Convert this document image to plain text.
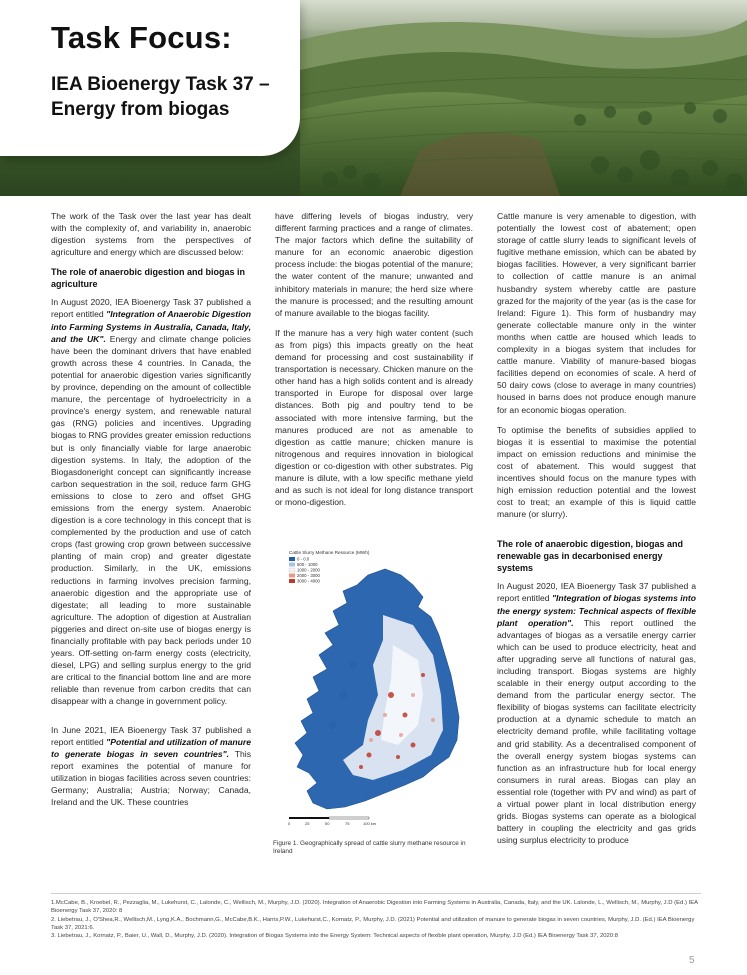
Task Focus:
IEA Bioenergy Task 37 – Energy from biogas

The work of the Task over the last year has dealt with the complexity of, and variability in, anaerobic digestion systems from the perspectives of agriculture and energy which are discussed below:

The role of anaerobic digestion and biogas in agriculture

In August 2020, IEA Bioenergy Task 37 published a report entitled "Integration of Anaerobic Digestion into Farming Systems in Australia, Canada, Italy, and the UK". Energy and climate change policies have been the dominant drivers that have enabled growth across these 4 countries. In Canada, the potential for anaerobic digestion varies significantly by province, depending on the amount of collectible manure, the percentage of hydroelectricity in a province's energy system, and renewable natural gas (RNG) policies and incentives. Upgrading biogas to RNG provides greater emission reductions but is only financially viable for large anaerobic digestion systems. In Italy, the adoption of the Biogasdoneright concept can significantly increase carbon sequestration in the soil, reduce farm GHG emissions to close to zero and offset GHG emissions from the energy system. Anaerobic digestion is a core technology in this concept that is complemented by the production and use of catch crops (fast growing crop grown between successive planting of main crop) and greater digestate production. Similarly, in the UK, emissions reductions in farming involves precision farming, anaerobic digestion and the appropriate use of digestate; all leading to more sustainable agriculture. The adoption of digestion at Australian piggeries and direct on-site use of biogas energy is financially profitable with pay back periods under 10 years. Off-setting on-farm energy costs (electricity, diesel, LPG) and selling surplus energy to the grid are critical to the financial bottom line and are more reliable than revenue from carbon credits that can disappear with a change in government policy.

In June 2021, IEA Bioenergy Task 37 published a report entitled "Potential and utilization of manure to generate biogas in seven countries". This report examines the potential of manure for utilization in biogas facilities across seven countries: Germany; Australia; Austria; Norway; Canada, Ireland and the UK. These countries

have differing levels of biogas industry, very different farming practices and a range of climates. The major factors which define the suitability of manure for an economic anaerobic digestion process include: the biogas potential of the manure; the water content of the manure; unwanted and inhibitory materials in manure; the herd size where the manure is processed; and the resulting amount of manure available to the biogas facility.

If the manure has a very high water content (such as from pigs) this impacts greatly on the heat demand for processing and cost sustainability if transportation is necessary. Chicken manure on the other hand has a high solids content and is already transported in Europe for disposal over large distances. Both pig and poultry tend to be associated with more intensive farming, but the manures produced are not as amenable to digestion as cattle manure; chicken manure is nitrogenous and requires innovation in biological digestion or co-digestion with other substrates. Pig manure is dilute, with a low specific methane yield and as such is not ideal for long distance transport or mono-digestion.

Cattle Slurry Methane Resource (MWh)
0 - 0.0
500 - 1000
1000 - 2000
2000 - 3000
3000 - 4000
0	25	50	75	100 km
Figure 1. Geographically spread of cattle slurry methane resource in Ireland

Cattle manure is very amenable to digestion, with potentially the lowest cost of abatement; open storage of cattle slurry leads to significant levels of fugitive methane emission, which can be abated by biogas facilities. However, a very significant barrier to collection of cattle manure is an animal husbandry system whereby cattle are pasture grazed for the majority of the year (as is the case for Ireland: Figure 1). This form of husbandry may generate collectable manure only in the winter months when cattle are housed which leads to complexity in a biogas system that includes for cattle manure. Viability of manure-based biogas facilities depend on economies of scale. A herd of 50 dairy cows (close to average in many countries) housed in barns does not produce enough manure for an economic biogas operation.

To optimise the benefits of subsidies applied to biogas it is essential to maximise the potential impact on emission reductions and minimise the cost of abatement. This would suggest that incentives should focus on the manure types with high emission reduction potential and the lowest cost to treat; an example of this is liquid cattle manure (or slurry).

The role of anaerobic digestion, biogas and renewable gas in decarbonised energy systems

In August 2020, IEA Bioenergy Task 37 published a report entitled "Integration of biogas systems into the energy system: Technical aspects of flexible plant operation". This report outlined the advantages of biogas as a versatile energy carrier which can be used to produce electricity, heat and after upgrading serve all functions of natural gas, including transport. Biogas systems are highly scalable in their energy output according to the demand from the particular energy sector. The flexibility of biogas systems can facilitate electricity production at a dynamic schedule to match an electricity demand profile, while facilitating voltage and grid stability. As a decentralised component of the overall energy system biogas systems can function as an infrastructure hub for local energy consumers in rural areas. Biogas can play an essential role (together with PV and wind) as part of a virtual power plant in local distribution energy grids. Biogas systems can operate as a biological battery in coupling the electricity and gas grids using surplus electricity to produce

1.McCabe, B., Kroebel, R., Pezzaglia, M., Lukehurst, C., Lalonde, C., Wellisch, M., Murphy, J.D. (2020). Integration of Anaerobic Digestion into Farming Systems in Australia, Canada, Italy, and the UK. Lalonde, L., Wellisch, M., Murphy, J.D (Ed.) IEA Bioenergy Task 37, 2020: 8
2. Liebetrau, J., O'Shea,R., Wellisch,M., Lyng,K.A., Bochmann,G., McCabe,B.K., Harris,P.W., Lukehurst,C., Kornatz, P., Murphy, J.D. (2021) Potential and utilization of manure to generate biogas in seven countries, Murphy, J.D. (Ed.) IEA Bioenergy Task 37, 2021:6.
3. Liebetrau, J., Kornatz, P., Baier, U., Wall, D., Murphy, J.D. (2020). Integration of Biogas Systems into the Energy System: Technical aspects of flexible plant operation, Murphy, J.D (Ed.) IEA Bioenergy Task 37, 2020:8
5
